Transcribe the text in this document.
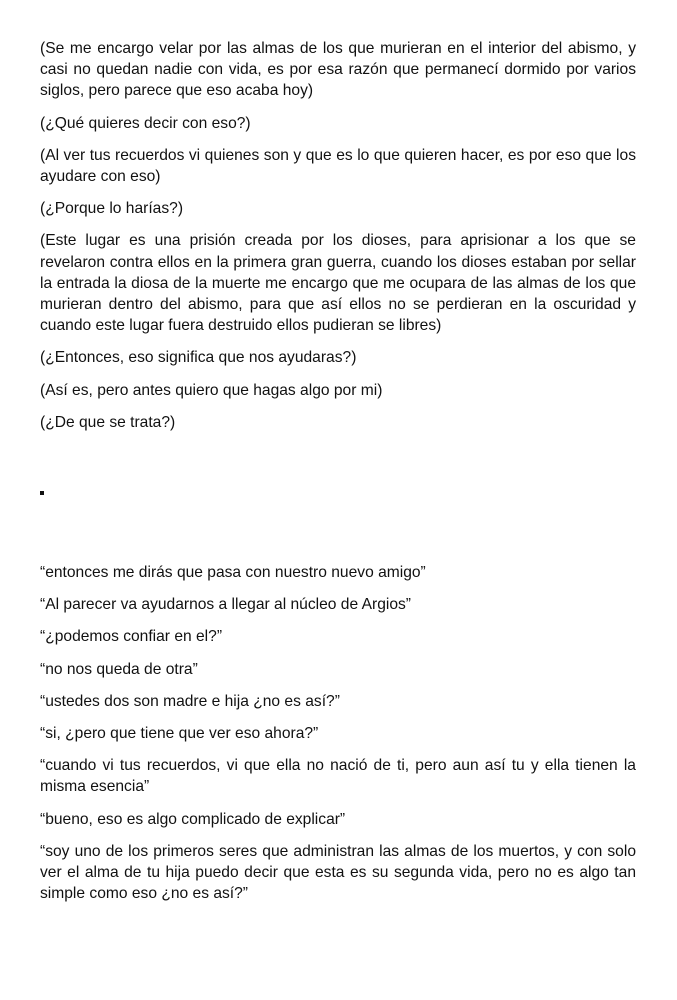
(Se me encargo velar por las almas de los que murieran en el interior del abismo, y casi no quedan nadie con vida, es por esa razón que permanecí dormido por varios siglos, pero parece que eso acaba hoy)

(¿Qué quieres decir con eso?)

(Al ver tus recuerdos vi quienes son y que es lo que quieren hacer, es por eso que los ayudare con eso)

(¿Porque lo harías?)

(Este lugar es una prisión creada por los dioses, para aprisionar a los que se revelaron contra ellos en la primera gran guerra, cuando los dioses estaban por sellar la entrada la diosa de la muerte me encargo que me ocupara de las almas de los que murieran dentro del abismo, para que así ellos no se perdieran en la oscuridad y cuando este lugar fuera destruido ellos pudieran se libres)

(¿Entonces, eso significa que nos ayudaras?)

(Así es, pero antes quiero que hagas algo por mi)

(¿De que se trata?)

“entonces me dirás que pasa con nuestro nuevo amigo”

“Al parecer va ayudarnos a llegar al núcleo de Argios”

“¿podemos confiar en el?”

“no nos queda de otra”

“ustedes dos son madre e hija ¿no es así?”

“si, ¿pero que tiene que ver eso ahora?”

“cuando vi tus recuerdos, vi que ella no nació de ti, pero aun así tu y ella tienen la misma esencia”

“bueno, eso es algo complicado de explicar”

“soy uno de los primeros seres que administran las almas de los muertos, y con solo ver el alma de tu hija puedo decir que esta es su segunda vida, pero no es algo tan simple como eso ¿no es así?”
